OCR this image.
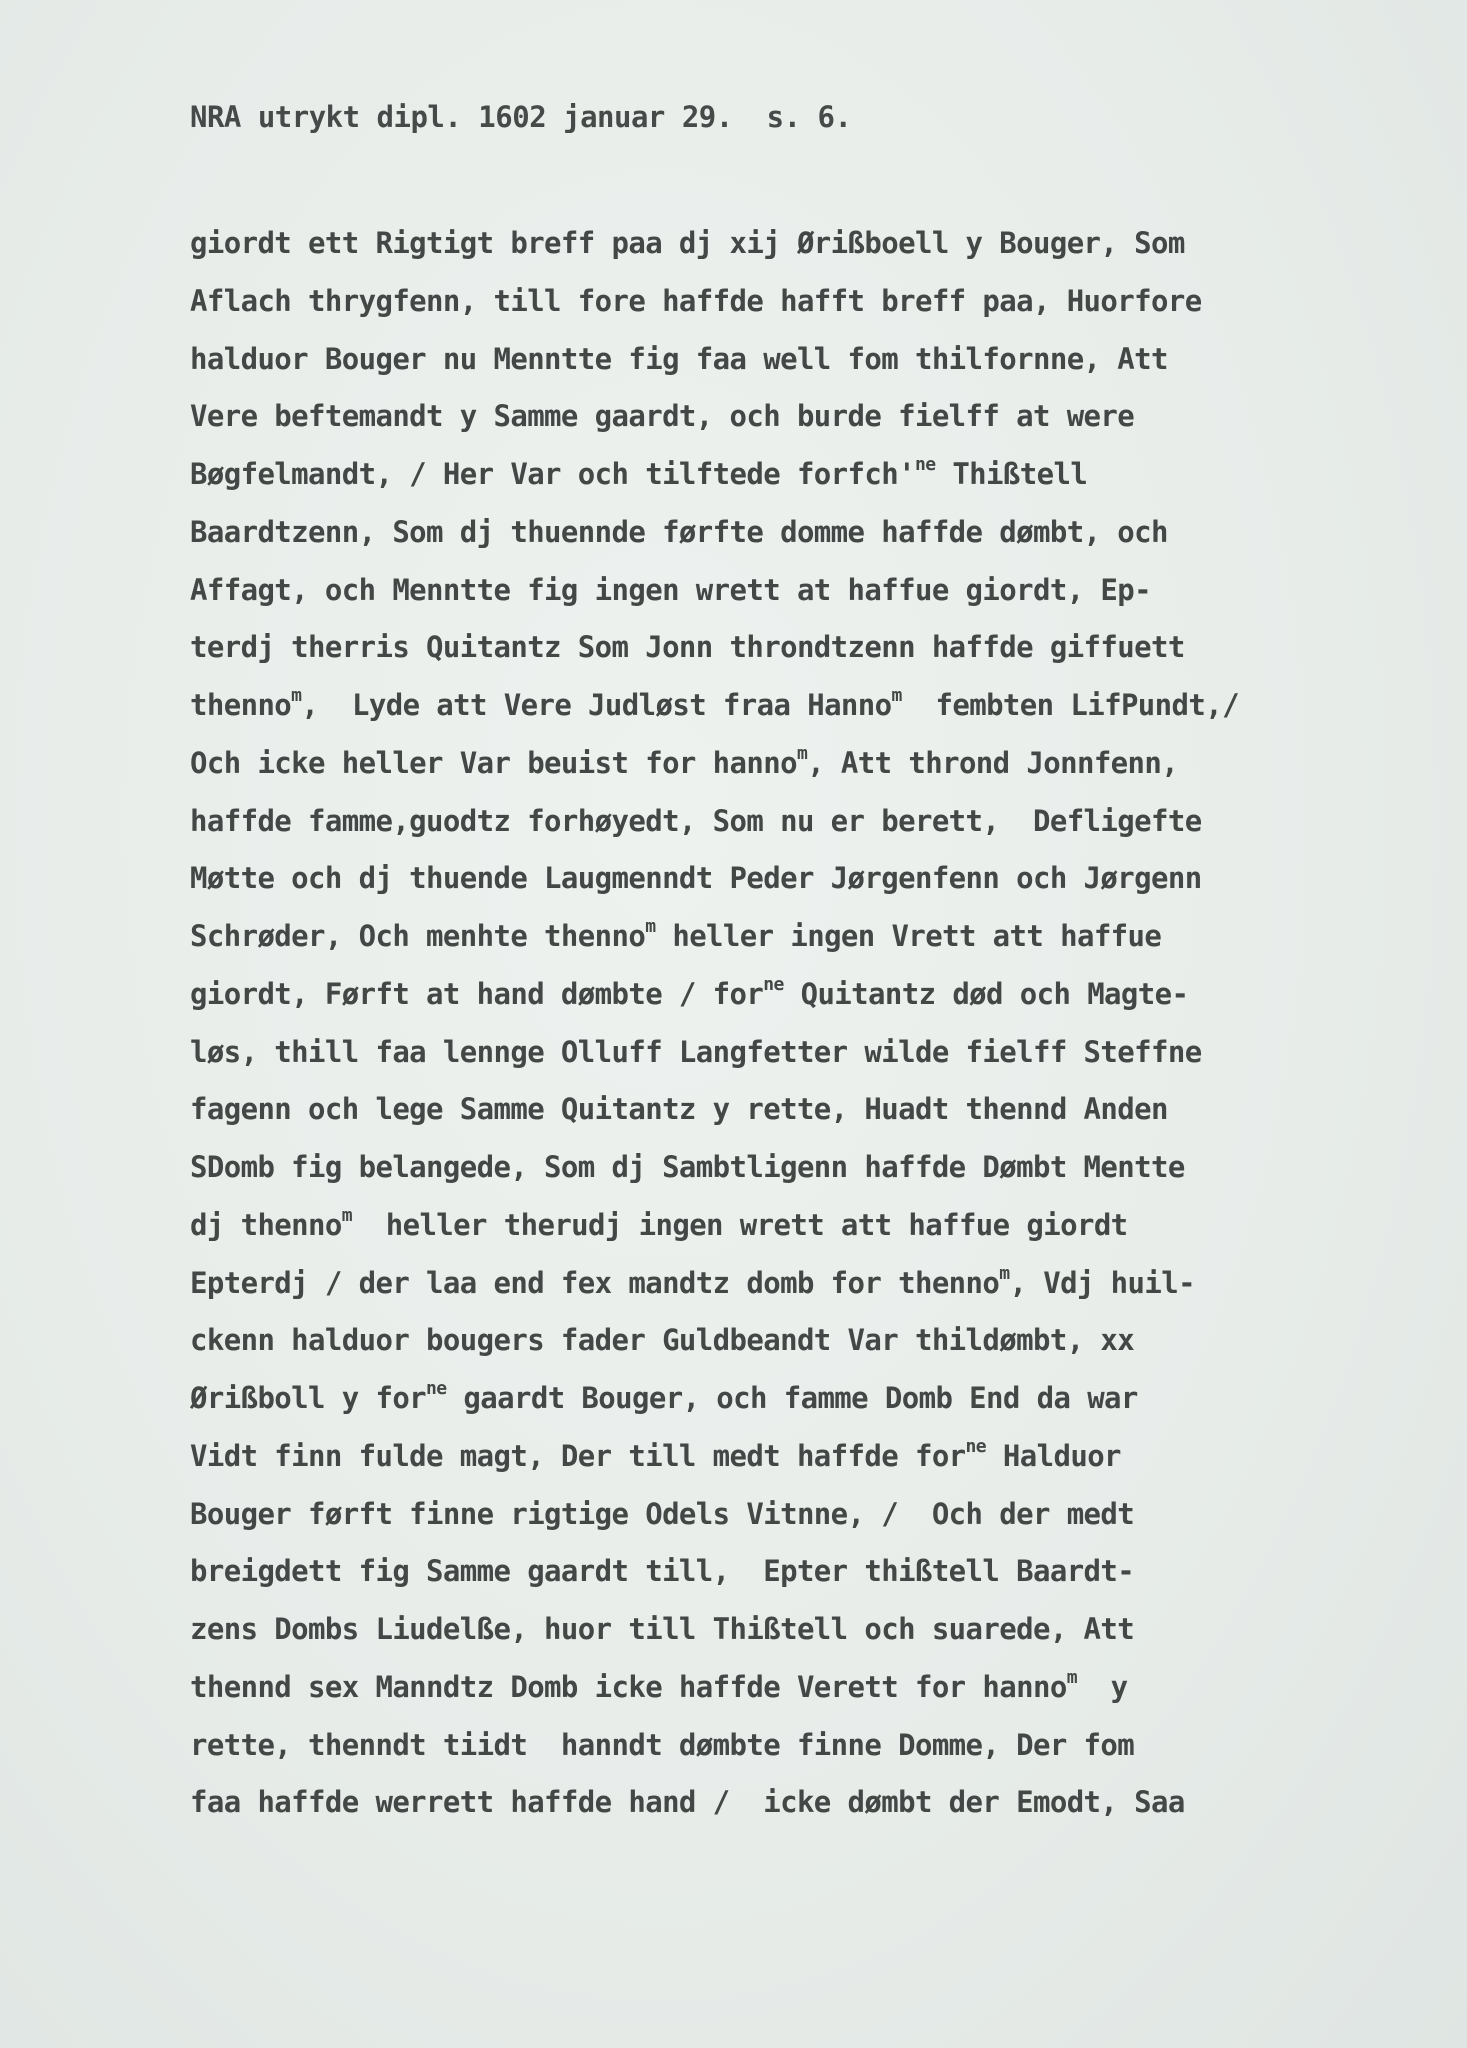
NRA utrykt dipl. 1602 januar 29.  s. 6.
giordt ett Rigtigt breff paa dj xij Ørißboell y Bouger, Som
Aflach thrygfenn, till fore haffde hafft breff paa, Huorfore
halduor Bouger nu Menntte fig faa well fom thilfornne, Att
Vere beftemandt y Samme gaardt, och burde fielff at were
Bøgfelmandt, / Her Var och tilftede $forfch'^{ne}$ Thißtell
Baardtzenn, Som dj thuennde førfte domme haffde dømbt, och
Affagt, och Menntte fig ingen wrett at haffue giordt, Ep-
terdj therris Quitantz Som Jonn throndtzenn haffde giffuett
thenno$^m$,  Lyde att Vere Judløst fraa Hanno$^m$  fembten LifPundt,/
Och icke heller Var beuist for hanno$^m$, Att thrond Jonnfenn,
haffde famme,guodtz forhøyedt, Som nu er berett,  Defligefte
Møtte och dj thuende Laugmenndt Peder Jørgenfenn och Jørgenn
Schrøder, Och menhte thenno$^m$ heller ingen Vrett att haffue
giordt, Førft at hand dømbte / for$^{ne}$ Quitantz død och Magte-
løs, thill faa lennge Olluff Langfetter wilde fielff Steffne
fagenn och lege Samme Quitantz y rette, Huadt thennd Anden
SDomb fig belangede, Som dj Sambtligenn haffde Dømbt Mentte
dj thenno$^m$  heller therudj ingen wrett att haffue giordt
Epterdj / der laa end fex mandtz domb for thenno$^m$, Vdj huil-
ckenn halduor bougers fader Guldbeandt Var thildømbt, xx
Ørißboll y for$^{ne}$ gaardt Bouger, och famme Domb End da war
Vidt finn fulde magt, Der till medt haffde for$^{ne}$ Halduor
Bouger førft finne rigtige Odels Vitnne, /  Och der medt
breigdett fig Samme gaardt till,  Epter thißtell Baardt-
zens Dombs Liudelße, huor till Thißtell och suarede, Att
thennd sex Manndtz Domb icke haffde Verett for hanno$^m$  y
rette, thenndt tiidt  hanndt dømbte finne Domme, Der fom
faa haffde werrett haffde hand /  icke dømbt der Emodt, Saa
